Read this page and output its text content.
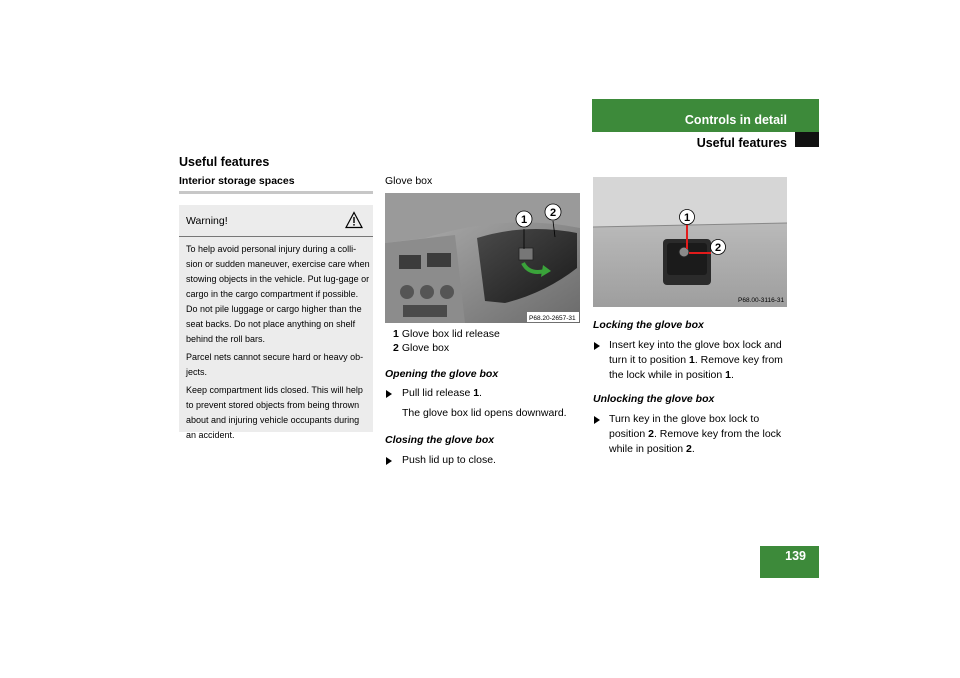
Controls in detail
Useful features
139
Useful features
Interior storage spaces
Warning!

To help avoid personal injury during a colli-sion or sudden maneuver, exercise care when stowing objects in the vehicle. Put lug-gage or cargo in the cargo compartment if possible. Do not pile luggage or cargo higher than the seat backs. Do not place anything on shelf behind the roll bars.

Parcel nets cannot secure hard or heavy ob-jects.

Keep compartment lids closed. This will help to prevent stored objects from being thrown about and injuring vehicle occupants during an accident.

Glove box
1
2
P68.20-2657-31
1 Glove box lid release
2 Glove box
Opening the glove box
Pull lid release 1.
The glove box lid opens downward.
Closing the glove box
Push lid up to close.
1
2
P68.00-3116-31
Locking the glove box
Insert key into the glove box lock and
turn it to position 1. Remove key from
the lock while in position 1.
Unlocking the glove box
Turn key in the glove box lock to
position 2. Remove key from the lock
while in position 2.
